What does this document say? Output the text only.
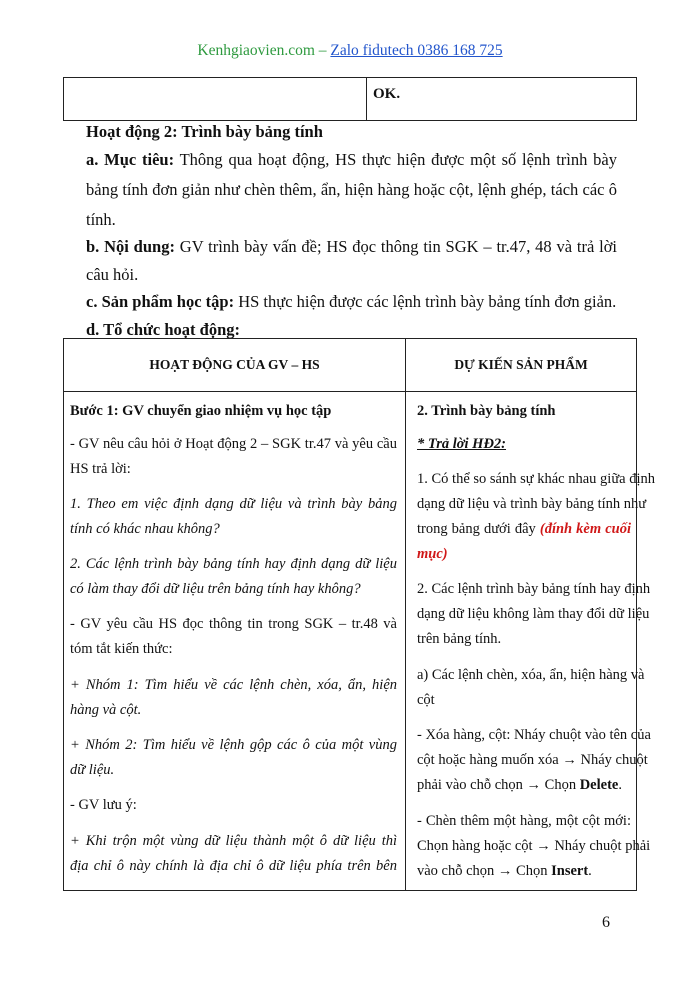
Kenhgiaovien.com – Zalo fidutech 0386 168 725
OK.
Hoạt động 2: Trình bày bảng tính
a. Mục tiêu: Thông qua hoạt động, HS thực hiện được một số lệnh trình bày
bảng tính đơn giản như chèn thêm, ẩn, hiện hàng hoặc cột, lệnh ghép, tách các ô
tính.
b. Nội dung: GV trình bày vấn đề; HS đọc thông tin SGK – tr.47, 48 và trả lời
câu hỏi.
c. Sản phẩm học tập: HS thực hiện được các lệnh trình bày bảng tính đơn giản.
d. Tổ chức hoạt động:
HOẠT ĐỘNG CỦA GV – HS	DỰ KIẾN SẢN PHẨM
Bước 1: GV chuyển giao nhiệm vụ học tập
- GV nêu câu hỏi ở Hoạt động 2 – SGK tr.47 và yêu cầu
HS trả lời:
1. Theo em việc định dạng dữ liệu và trình bày bảng
tính có khác nhau không?
2. Các lệnh trình bày bảng tính hay định dạng dữ liệu
có làm thay đổi dữ liệu trên bảng tính hay không?
- GV yêu cầu HS đọc thông tin trong SGK – tr.48 và
tóm tắt kiến thức:
+ Nhóm 1: Tìm hiểu về các lệnh chèn, xóa, ẩn, hiện
hàng và cột.
+ Nhóm 2: Tìm hiểu về lệnh gộp các ô của một vùng
dữ liệu.
- GV lưu ý:
+ Khi trộn một vùng dữ liệu thành một ô dữ liệu thì
địa chỉ ô này chính là địa chỉ ô dữ liệu phía trên bên
2. Trình bày bảng tính
* Trả lời HĐ2:
1. Có thể so sánh sự khác nhau giữa định
dạng dữ liệu và trình bày bảng tính như
trong bảng dưới đây (đính kèm cuối
mục)
2. Các lệnh trình bày bảng tính hay định
dạng dữ liệu không làm thay đổi dữ liệu
trên bảng tính.
a) Các lệnh chèn, xóa, ẩn, hiện hàng và
cột
- Xóa hàng, cột: Nháy chuột vào tên của
cột hoặc hàng muốn xóa → Nháy chuột
phải vào chỗ chọn → Chọn Delete.
- Chèn thêm một hàng, một cột mới:
Chọn hàng hoặc cột → Nháy chuột phải
vào chỗ chọn → Chọn Insert.
6
